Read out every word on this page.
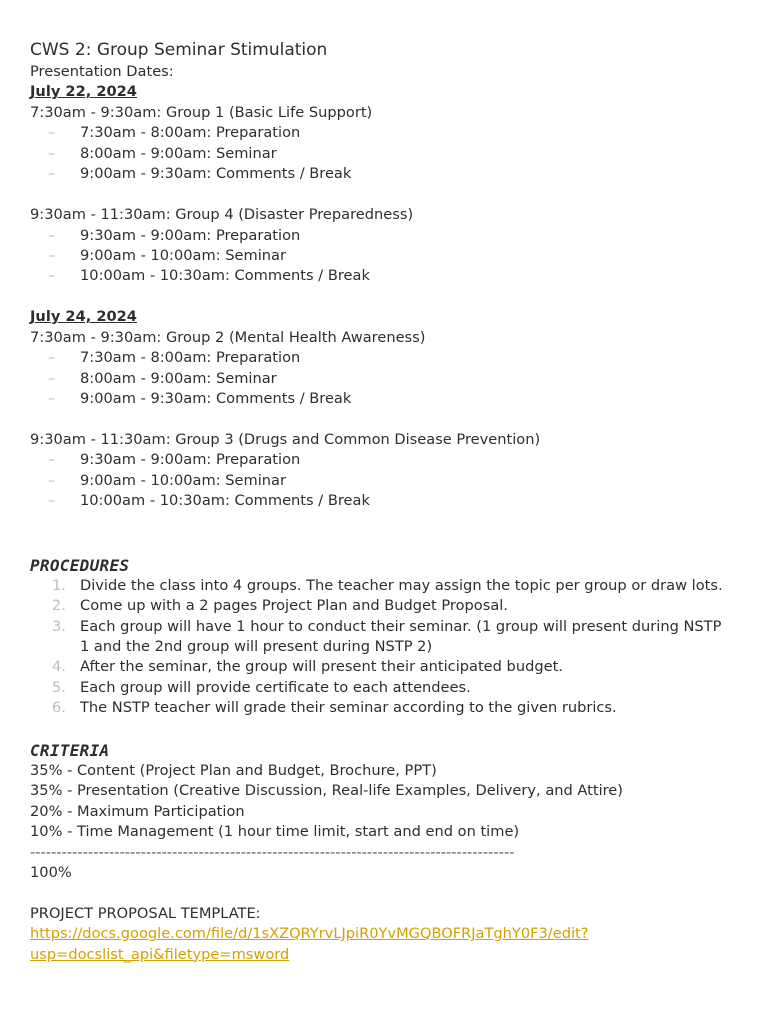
CWS 2: Group Seminar Stimulation
Presentation Dates:
July 22, 2024
7:30am - 9:30am: Group 1 (Basic Life Support)
–	7:30am - 8:00am: Preparation
–	8:00am - 9:00am: Seminar
–	9:00am - 9:30am: Comments / Break
9:30am - 11:30am: Group 4 (Disaster Preparedness)
–	9:30am - 9:00am: Preparation
–	9:00am - 10:00am: Seminar
–	10:00am - 10:30am: Comments / Break
July 24, 2024
7:30am - 9:30am: Group 2 (Mental Health Awareness)
–	7:30am - 8:00am: Preparation
–	8:00am - 9:00am: Seminar
–	9:00am - 9:30am: Comments / Break
9:30am - 11:30am: Group 3 (Drugs and Common Disease Prevention)
–	9:30am - 9:00am: Preparation
–	9:00am - 10:00am: Seminar
–	10:00am - 10:30am: Comments / Break
PROCEDURES
1. Divide the class into 4 groups. The teacher may assign the topic per group or draw lots.
2. Come up with a 2 pages Project Plan and Budget Proposal.
3. Each group will have 1 hour to conduct their seminar. (1 group will present during NSTP 1 and the 2nd group will present during NSTP 2)
4. After the seminar, the group will present their anticipated budget.
5. Each group will provide certificate to each attendees.
6. The NSTP teacher will grade their seminar according to the given rubrics.
CRITERIA
35% - Content (Project Plan and Budget, Brochure, PPT)
35% - Presentation (Creative Discussion, Real-life Examples, Delivery, and Attire)
20% - Maximum Participation
10% - Time Management (1 hour time limit, start and end on time)
--------------------------------------------------------------------------------------------
100%
PROJECT PROPOSAL TEMPLATE:
https://docs.google.com/file/d/1sXZQRYrvLJpiR0YvMGQBOFRJaTghY0F3/edit?
usp=docslist_api&filetype=msword
